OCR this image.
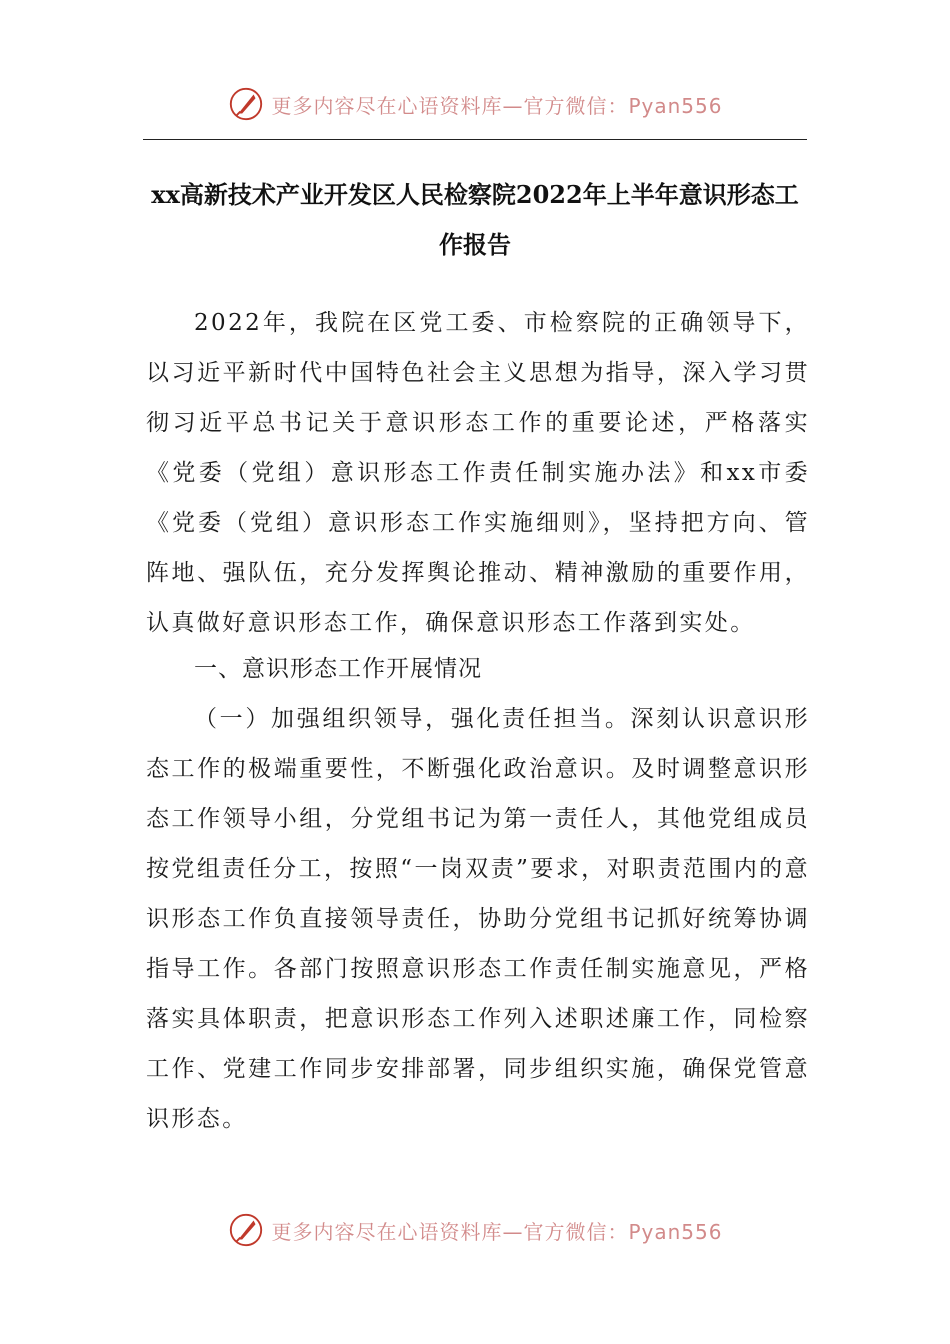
更多内容尽在心语资料库—官方微信：Pyan556
xx高新技术产业开发区人民检察院2022年上半年意识形态工作报告
2022年，我院在区党工委、市检察院的正确领导下，以习近平新时代中国特色社会主义思想为指导，深入学习贯彻习近平总书记关于意识形态工作的重要论述，严格落实《党委（党组）意识形态工作责任制实施办法》和xx市委《党委（党组）意识形态工作实施细则》，坚持把方向、管阵地、强队伍，充分发挥舆论推动、精神激励的重要作用，认真做好意识形态工作，确保意识形态工作落到实处。
一、意识形态工作开展情况
（一）加强组织领导，强化责任担当。深刻认识意识形态工作的极端重要性，不断强化政治意识。及时调整意识形态工作领导小组，分党组书记为第一责任人，其他党组成员按党组责任分工，按照“一岗双责”要求，对职责范围内的意识形态工作负直接领导责任，协助分党组书记抓好统筹协调指导工作。各部门按照意识形态工作责任制实施意见，严格落实具体职责，把意识形态工作列入述职述廉工作，同检察工作、党建工作同步安排部署，同步组织实施，确保党管意识形态。
更多内容尽在心语资料库—官方微信：Pyan556
